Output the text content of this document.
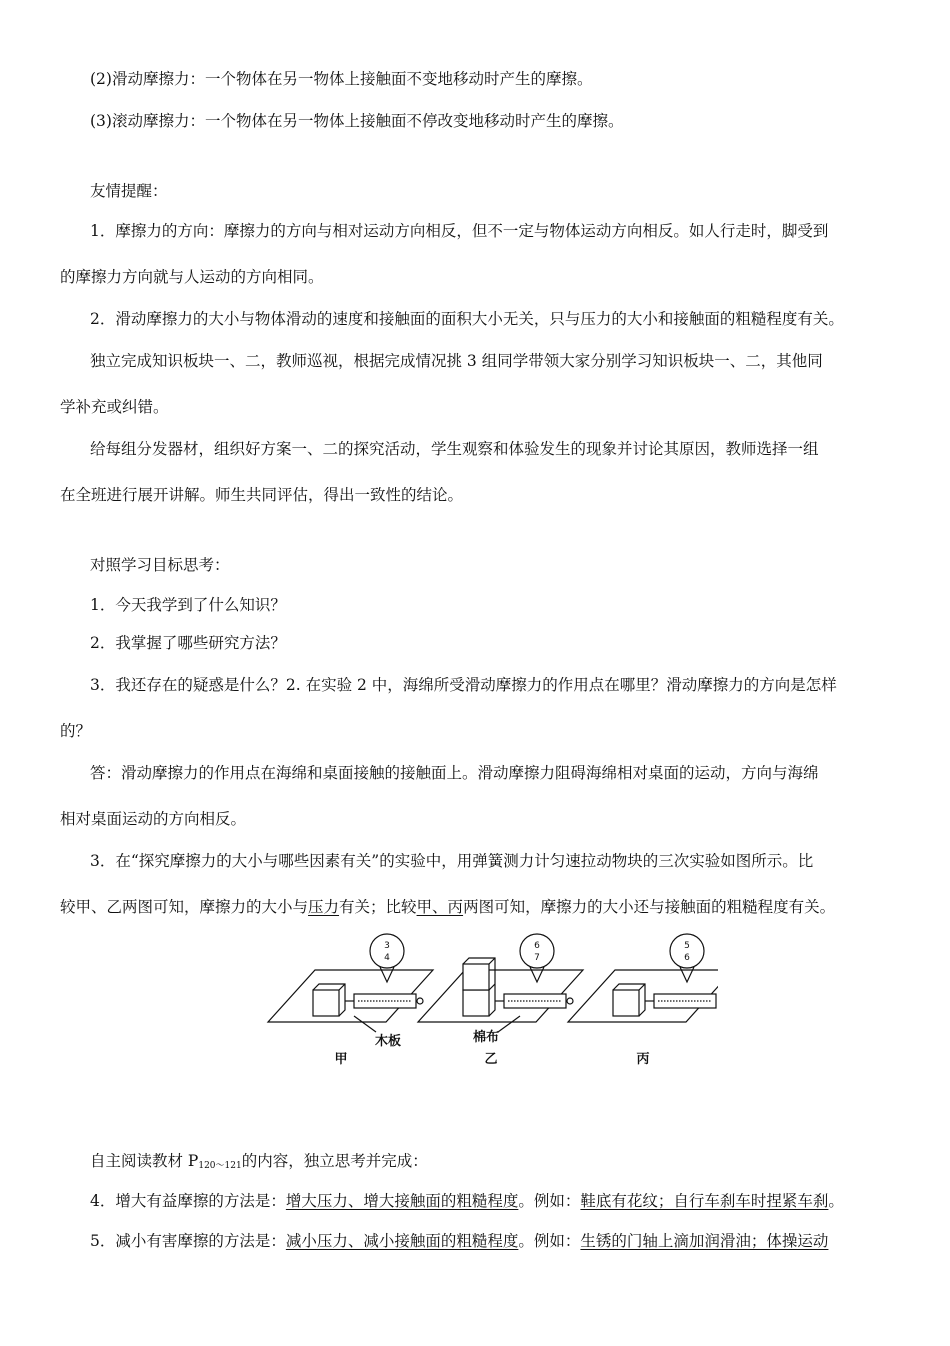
(2)滑动摩擦力：一个物体在另一物体上接触面不变地移动时产生的摩擦。
(3)滚动摩擦力：一个物体在另一物体上接触面不停改变地移动时产生的摩擦。
友情提醒：
1．摩擦力的方向：摩擦力的方向与相对运动方向相反，但不一定与物体运动方向相反。如人行走时，脚受到
的摩擦力方向就与人运动的方向相同。
2．滑动摩擦力的大小与物体滑动的速度和接触面的面积大小无关，只与压力的大小和接触面的粗糙程度有关。
独立完成知识板块一、二，教师巡视，根据完成情况挑 3 组同学带领大家分别学习知识板块一、二，其他同
学补充或纠错。
给每组分发器材，组织好方案一、二的探究活动，学生观察和体验发生的现象并讨论其原因，教师选择一组
在全班进行展开讲解。师生共同评估，得出一致性的结论。
对照学习目标思考：
1．今天我学到了什么知识？
2．我掌握了哪些研究方法？
3．我还存在的疑惑是什么？2. 在实验 2 中，海绵所受滑动摩擦力的作用点在哪里？滑动摩擦力的方向是怎样
的？
答：滑动摩擦力的作用点在海绵和桌面接触的接触面上。滑动摩擦力阻碍海绵相对桌面的运动，方向与海绵
相对桌面运动的方向相反。
3．在“探究摩擦力的大小与哪些因素有关”的实验中，用弹簧测力计匀速拉动物块的三次实验如图所示。比
较甲、乙两图可知，摩擦力的大小与压力有关；比较甲、丙两图可知，摩擦力的大小还与接触面的粗糙程度有关。
3
4
6
7
5
6
木板	棉布
甲	乙	丙
自主阅读教材 $P_{120\sim 121}$的内容，独立思考并完成：
4．增大有益摩擦的方法是：增大压力、增大接触面的粗糙程度。例如：鞋底有花纹；自行车刹车时捏紧车刹。
5．减小有害摩擦的方法是：减小压力、减小接触面的粗糙程度。例如：生锈的门轴上滴加润滑油；体操运动
